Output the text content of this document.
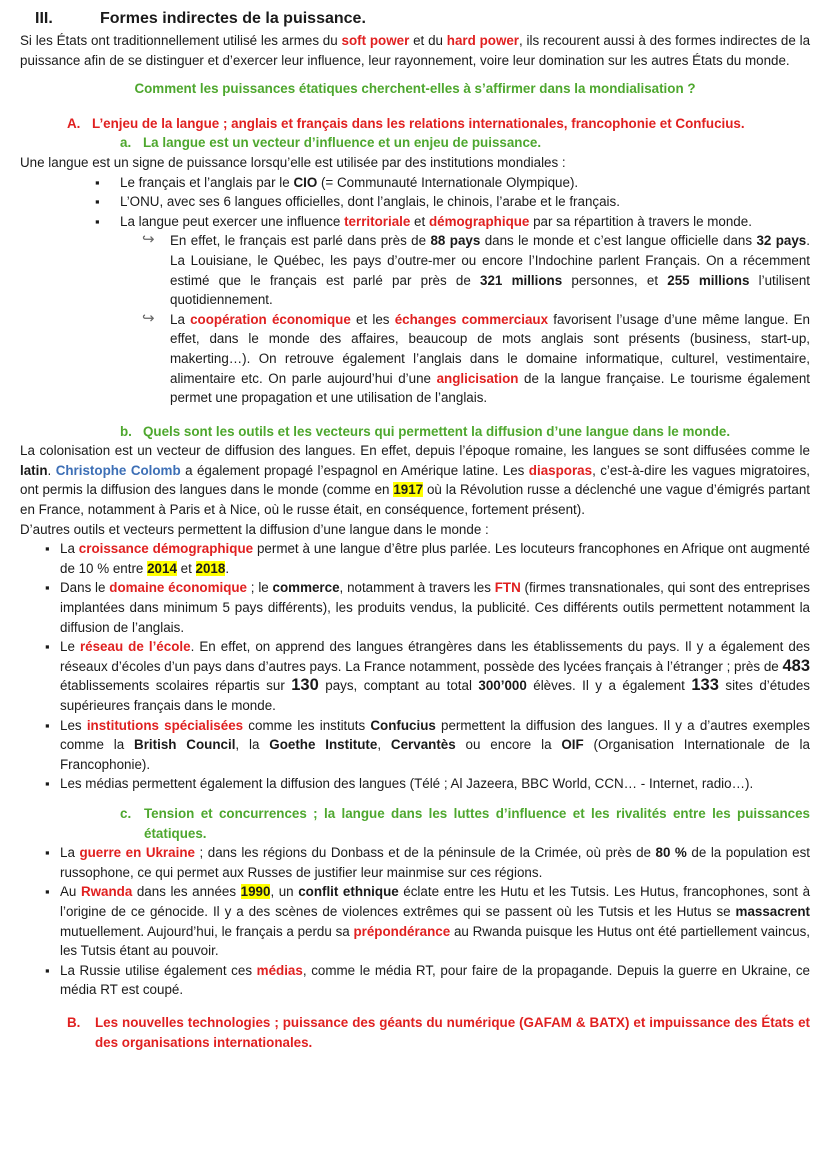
III.	Formes indirectes de la puissance.

Si les États ont traditionnellement utilisé les armes du soft power et du hard power, ils recourent aussi à des formes indirectes de la puissance afin de se distinguer et d’exercer leur influence, leur rayonnement, voire leur domination sur les autres États du monde.

Comment les puissances étatiques cherchent-elles à s’affirmer dans la mondialisation ?

A. L’enjeu de la langue ; anglais et français dans les relations internationales, francophonie et Confucius.

a. La langue est un vecteur d’influence et un enjeu de puissance.

Une langue est un signe de puissance lorsqu’elle est utilisée par des institutions mondiales :

▪ Le français et l’anglais par le CIO (= Communauté Internationale Olympique).
▪ L’ONU, avec ses 6 langues officielles, dont l’anglais, le chinois, l’arabe et le français.
▪ La langue peut exercer une influence territoriale et démographique par sa répartition à travers le monde.
↪ En effet, le français est parlé dans près de 88 pays dans le monde et c’est langue officielle dans 32 pays. La Louisiane, le Québec, les pays d’outre-mer ou encore l’Indochine parlent Français. On a récemment estimé que le français est parlé par près de 321 millions personnes, et 255 millions l’utilisent quotidiennement.
↪ La coopération économique et les échanges commerciaux favorisent l’usage d’une même langue. En effet, dans le monde des affaires, beaucoup de mots anglais sont présents (business, start-up, makerting…). On retrouve également l’anglais dans le domaine informatique, culturel, vestimentaire, alimentaire etc. On parle aujourd’hui d’une anglicisation de la langue française. Le tourisme également permet une propagation et une utilisation de l’anglais.

b. Quels sont les outils et les vecteurs qui permettent la diffusion d’une langue dans le monde.

La colonisation est un vecteur de diffusion des langues. En effet, depuis l’époque romaine, les langues se sont diffusées comme le latin. Christophe Colomb a également propagé l’espagnol en Amérique latine. Les diasporas, c’est-à-dire les vagues migratoires, ont permis la diffusion des langues dans le monde (comme en 1917 où la Révolution russe a déclenché une vague d’émigrés partant en France, notamment à Paris et à Nice, où le russe était, en conséquence, fortement présent).

D’autres outils et vecteurs permettent la diffusion d’une langue dans le monde :

▪ La croissance démographique permet à une langue d’être plus parlée. Les locuteurs francophones en Afrique ont augmenté de 10 % entre 2014 et 2018.
▪ Dans le domaine économique ; le commerce, notamment à travers les FTN (firmes transnationales, qui sont des entreprises implantées dans minimum 5 pays différents), les produits vendus, la publicité. Ces différents outils permettent notamment la diffusion de l’anglais.
▪ Le réseau de l’école. En effet, on apprend des langues étrangères dans les établissements du pays. Il y a également des réseaux d’écoles d’un pays dans d’autres pays. La France notamment, possède des lycées français à l’étranger ; près de 483 établissements scolaires répartis sur 130 pays, comptant au total 300’000 élèves. Il y a également 133 sites d’études supérieures français dans le monde.
▪ Les institutions spécialisées comme les instituts Confucius permettent la diffusion des langues. Il y a d’autres exemples comme la British Council, la Goethe Institute, Cervantès ou encore la OIF (Organisation Internationale de la Francophonie).
▪ Les médias permettent également la diffusion des langues (Télé ; Al Jazeera, BBC World, CCN… - Internet, radio…).

c. Tension et concurrences ; la langue dans les luttes d’influence et les rivalités entre les puissances étatiques.

▪ La guerre en Ukraine ; dans les régions du Donbass et de la péninsule de la Crimée, où près de 80 % de la population est russophone, ce qui permet aux Russes de justifier leur mainmise sur ces régions.
▪ Au Rwanda dans les années 1990, un conflit ethnique éclate entre les Hutu et les Tutsis. Les Hutus, francophones, sont à l’origine de ce génocide. Il y a des scènes de violences extrêmes qui se passent où les Tutsis et les Hutus se massacrent mutuellement. Aujourd’hui, le français a perdu sa prépondérance au Rwanda puisque les Hutus ont été partiellement vaincus, les Tutsis étant au pouvoir.
▪ La Russie utilise également ces médias, comme le média RT, pour faire de la propagande. Depuis la guerre en Ukraine, ce média RT est coupé.

B. Les nouvelles technologies ; puissance des géants du numérique (GAFAM & BATX) et impuissance des États et des organisations internationales.
